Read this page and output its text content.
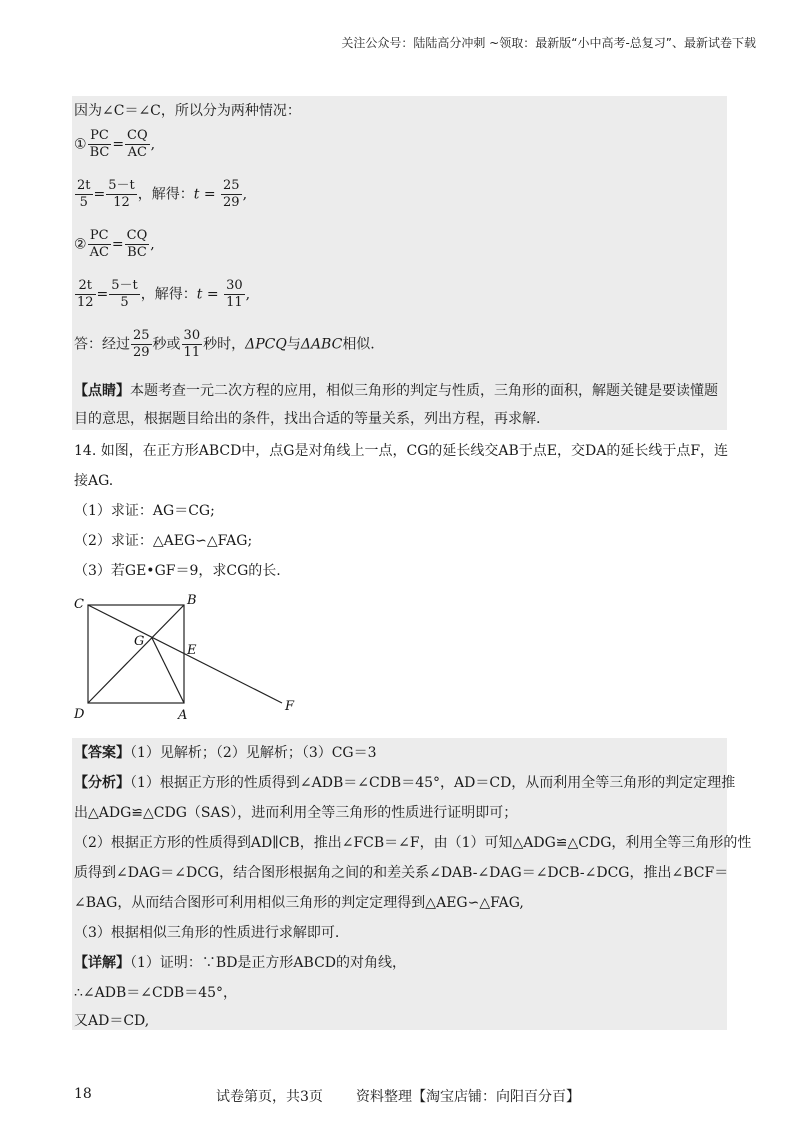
关注公众号：陆陆高分冲刺 ~领取：最新版“小中高考-总复习”、最新试卷下载
因为∠C＝∠C，所以分为两种情况：
① $\frac{PC}{BC} = \frac{CQ}{AC}$ ,
$\frac{2t}{5} = \frac{5-t}{12}$ ，解得：$t = \frac{25}{29}$ ,
② $\frac{PC}{AC} = \frac{CQ}{BC}$ ,
$\frac{2t}{12} = \frac{5-t}{5}$ ，解得：$t = \frac{30}{11}$ ,
答：经过 $\frac{25}{29}$ 秒或 $\frac{30}{11}$ 秒时，ΔPCQ与ΔABC相似.
【点睛】本题考查一元二次方程的应用，相似三角形的判定与性质，三角形的面积，解题关键是要读懂题
目的意思，根据题目给出的条件，找出合适的等量关系，列出方程，再求解.
14. 如图，在正方形ABCD中，点G是对角线上一点，CG的延长线交AB于点E，交DA的延长线于点F，连
接AG.
（1）求证：AG＝CG;
（2）求证：△AEG∽△FAG;
（3）若GE•GF＝9，求CG的长.
C	B
G
E
D	A
F
【答案】（1）见解析；（2）见解析；（3）CG＝3
【分析】（1）根据正方形的性质得到∠ADB＝∠CDB＝45°，AD＝CD，从而利用全等三角形的判定定理推
出△ADG≌△CDG（SAS），进而利用全等三角形的性质进行证明即可；
（2）根据正方形的性质得到AD∥CB，推出∠FCB＝∠F，由（1）可知△ADG≌△CDG，利用全等三角形的性
质得到∠DAG＝∠DCG，结合图形根据角之间的和差关系∠DAB-∠DAG＝∠DCB-∠DCG，推出∠BCF＝
∠BAG，从而结合图形可利用相似三角形的判定定理得到△AEG∽△FAG,
（3）根据相似三角形的性质进行求解即可.
【详解】（1）证明：∵BD是正方形ABCD的对角线，
∴∠ADB＝∠CDB＝45°，
又AD＝CD,
18	试卷第页，共3页 资料整理【淘宝店铺：向阳百分百】
